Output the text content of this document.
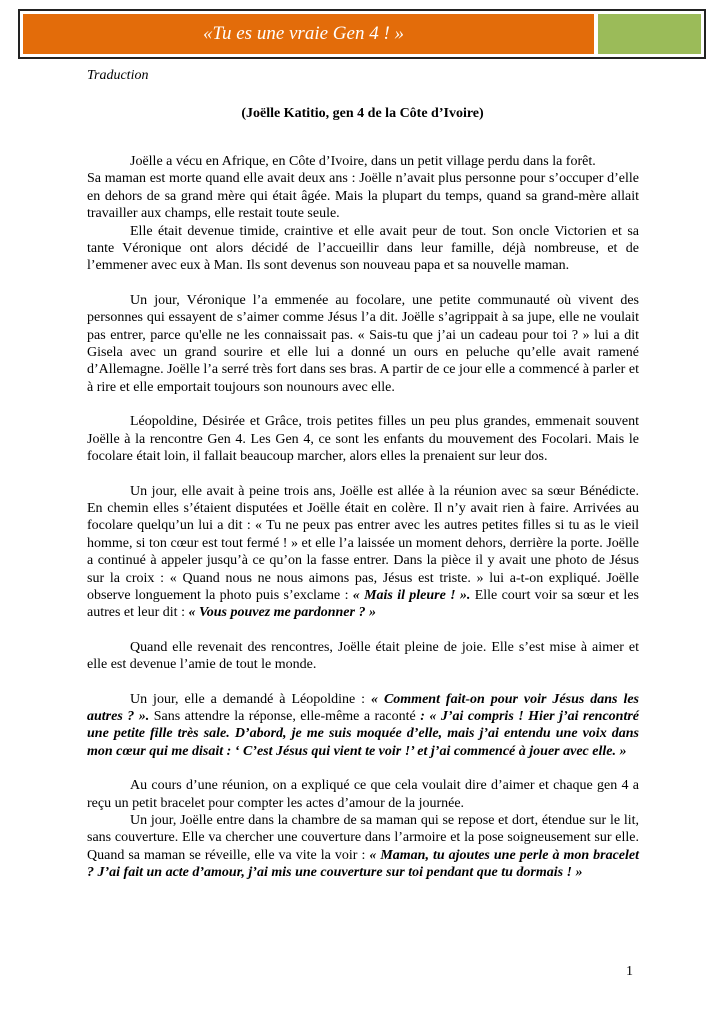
«Tu es une vraie Gen 4 ! »
Traduction
(Joëlle Katitio, gen 4 de la Côte d’Ivoire)

Joëlle a vécu en Afrique, en Côte d’Ivoire, dans un petit village perdu dans la forêt.

Sa maman est morte quand elle avait deux ans : Joëlle n’avait plus personne pour s’occuper d’elle en dehors de sa grand mère qui était âgée. Mais la plupart du temps, quand sa grand-mère allait travailler aux champs, elle restait toute seule.

Elle était devenue timide, craintive et elle avait peur de tout. Son oncle Victorien et sa tante Véronique ont alors décidé de l’accueillir dans leur famille, déjà nombreuse, et de l’emmener avec eux à Man. Ils sont devenus son nouveau papa et sa nouvelle maman.

Un jour, Véronique l’a emmenée au focolare, une petite communauté où vivent des personnes qui essayent de s’aimer comme Jésus l’a dit. Joëlle s’agrippait à sa jupe, elle ne voulait pas entrer, parce qu'elle ne les connaissait pas. « Sais-tu que j’ai un cadeau pour toi ? » lui a dit Gisela avec un grand sourire et elle lui a donné un ours en peluche qu’elle avait ramené d’Allemagne. Joëlle l’a serré très fort dans ses bras. A partir de ce jour elle a commencé à parler et à rire et elle emportait toujours son nounours avec elle.

Léopoldine, Désirée et Grâce, trois petites filles un peu plus grandes, emmenait souvent Joëlle à la rencontre Gen 4. Les Gen 4, ce sont les enfants du mouvement des Focolari. Mais le focolare était loin, il fallait beaucoup marcher, alors elles la prenaient sur leur dos.

Un jour, elle avait à peine trois ans, Joëlle est allée à la réunion avec sa sœur Bénédicte. En chemin elles s’étaient disputées et Joëlle était en colère. Il n’y avait rien à faire. Arrivées au focolare quelqu’un lui a dit : « Tu ne peux pas entrer avec les autres petites filles si tu as le vieil homme, si ton cœur est tout fermé ! » et elle l’a laissée un moment dehors, derrière la porte. Joëlle a continué à appeler jusqu’à ce qu’on la fasse entrer. Dans la pièce il y avait une photo de Jésus sur la croix : « Quand nous ne nous aimons pas, Jésus est triste. » lui a-t-on expliqué. Joëlle observe longuement la photo puis s’exclame : « Mais il pleure ! ». Elle court voir sa sœur et les autres et leur dit : « Vous pouvez me pardonner ? »

Quand elle revenait des rencontres, Joëlle était pleine de joie. Elle s’est mise à aimer et elle est devenue l’amie de tout le monde.

Un jour, elle a demandé à Léopoldine : « Comment fait-on pour voir Jésus dans les autres ? ». Sans attendre la réponse, elle-même a raconté : « J’ai compris ! Hier j’ai rencontré une petite fille très sale. D’abord, je me suis moquée d’elle, mais j’ai entendu une voix dans mon cœur qui me disait : ‘ C’est Jésus qui vient te voir !’ et j’ai commencé à jouer avec elle. »

Au cours d’une réunion, on a expliqué ce que cela voulait dire d’aimer et chaque gen 4 a reçu un petit bracelet pour compter les actes d’amour de la journée.

Un jour, Joëlle entre dans la chambre de sa maman qui se repose et dort, étendue sur le lit, sans couverture. Elle va chercher une couverture dans l’armoire et la pose soigneusement sur elle. Quand sa maman se réveille, elle va vite la voir : « Maman, tu ajoutes une perle à mon bracelet ? J’ai fait un acte d’amour, j’ai mis une couverture sur toi pendant que tu dormais ! »

1
